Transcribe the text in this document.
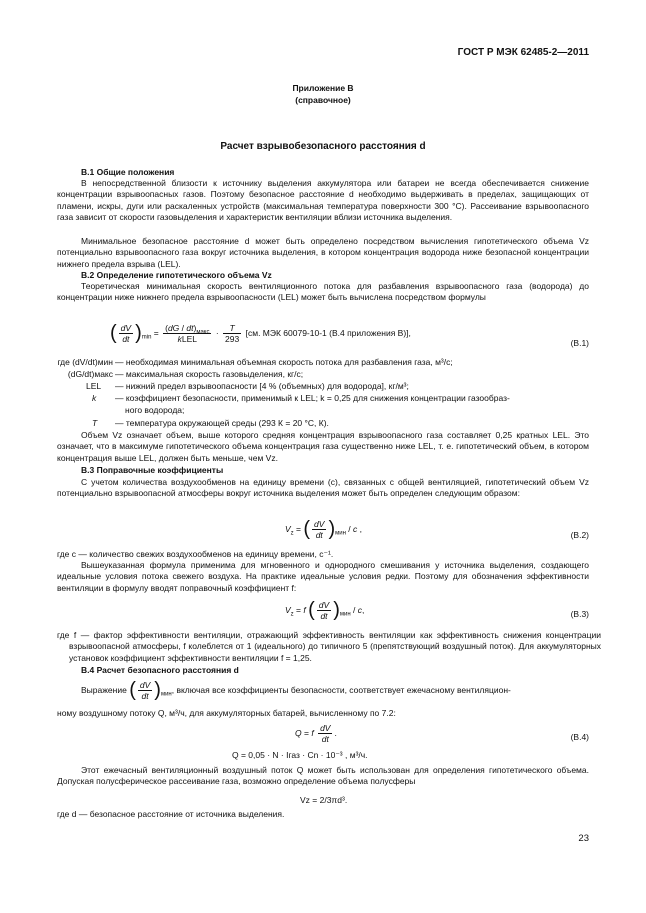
ГОСТ Р МЭК 62485-2—2011
Приложение В
(справочное)
Расчет взрывобезопасного расстояния d
В.1 Общие положения
В непосредственной близости к источнику выделения аккумулятора или батареи не всегда обеспечивается снижение концентрации взрывоопасных газов. Поэтому безопасное расстояние d необходимо выдерживать в пределах, защищающих от пламени, искры, дуги или раскаленных устройств (максимальная температура поверхности 300 °С). Рассеивание взрывоопасного газа зависит от скорости газовыделения и характеристик вентиляции вблизи источника выделения.
Минимальное безопасное расстояние d может быть определено посредством вычисления гипотетического объема Vz потенциально взрывоопасного газа вокруг источника выделения, в котором концентрация водорода ниже безопасной концентрации нижнего предела взрыва (LEL).
В.2 Определение гипотетического объема Vz
Теоретическая минимальная скорость вентиляционного потока для разбавления взрывоопасного газа (водорода) до концентрации ниже нижнего предела взрывоопасности (LEL) может быть вычислена посредством формулы
( $\frac{dV}{dt} )_{min} = \frac{(dG / dt)_{макс}}{\text{kLEL}} \cdot \frac{T}{293} [см$. МЭК 60079-10-1 (В.4 приложения В)],
(В.1)
где (dV/dt)мин — необходимая минимальная объемная скорость потока для разбавления газа, м³/с;
(dG/dt)макс — максимальная скорость газовыделения, кг/с;
LEL — нижний предел взрывоопасности [4 % (объемных) для водорода], кг/м³;
k — коэффициент безопасности, применимый к LEL; k = 0,25 для снижения концентрации газообраз-
ного водорода;
T — температура окружающей среды (293 К = 20 °С, К).
Объем Vz означает объем, выше которого средняя концентрация взрывоопасного газа составляет 0,25 кратных LEL. Это означает, что в максимуме гипотетического объема концентрация газа существенно ниже LEL, т. е. гипотетический объем, в котором концентрация выше LEL, должен быть меньше, чем Vz.
В.3 Поправочные коэффициенты
С учетом количества воздухообменов на единицу времени (с), связанных с общей вентиляцией, гипотетический объем Vz потенциально взрывоопасной атмосферы вокруг источника выделения может быть определен следующим образом:
$V_z$ = ( $\frac{dV}{dt} )_{мин}$ / c ,
(В.2)
где с — количество свежих воздухообменов на единицу времени, с⁻¹.
Вышеуказанная формула применима для мгновенного и однородного смешивания у источника выделения, создающего идеальные условия потока свежего воздуха. На практике идеальные условия редки. Поэтому для обозначения эффективности вентиляции в формулу вводят поправочный коэффициент f:
$V_z = f$ ( $\frac{dV}{dt} )_{мин}$ / c,	(В.3)
где f — фактор эффективности вентиляции, отражающий эффективность вентиляции как эффективность снижения концентрации взрывоопасной атмосферы, f колеблется от 1 (идеального) до типичного 5 (препятствующий воздушный поток). Для аккумуляторных установок коэффициент эффективности вентиляции f = 1,25.
В.4 Расчет безопасного расстояния d
Выражение ( $\frac{dV}{dt} )_{мин}$, включая все коэффициенты безопасности, соответствует ежечасному вентиляцион-
ному воздушному потоку Q, м³/ч, для аккумуляторных батарей, вычисленному по 7.2:
Q = f $\frac{dV}{dt}$ .	(В.4)
Q = 0,05 · N · Iгаз · Cn · 10⁻³ , м³/ч.
Этот ежечасный вентиляционный воздушный поток Q может быть использован для определения гипотетического объема. Допуская полусферическое рассеивание газа, возможно определение объема полусферы
Vz = 2/3πd³.
где d — безопасное расстояние от источника выделения.
23
